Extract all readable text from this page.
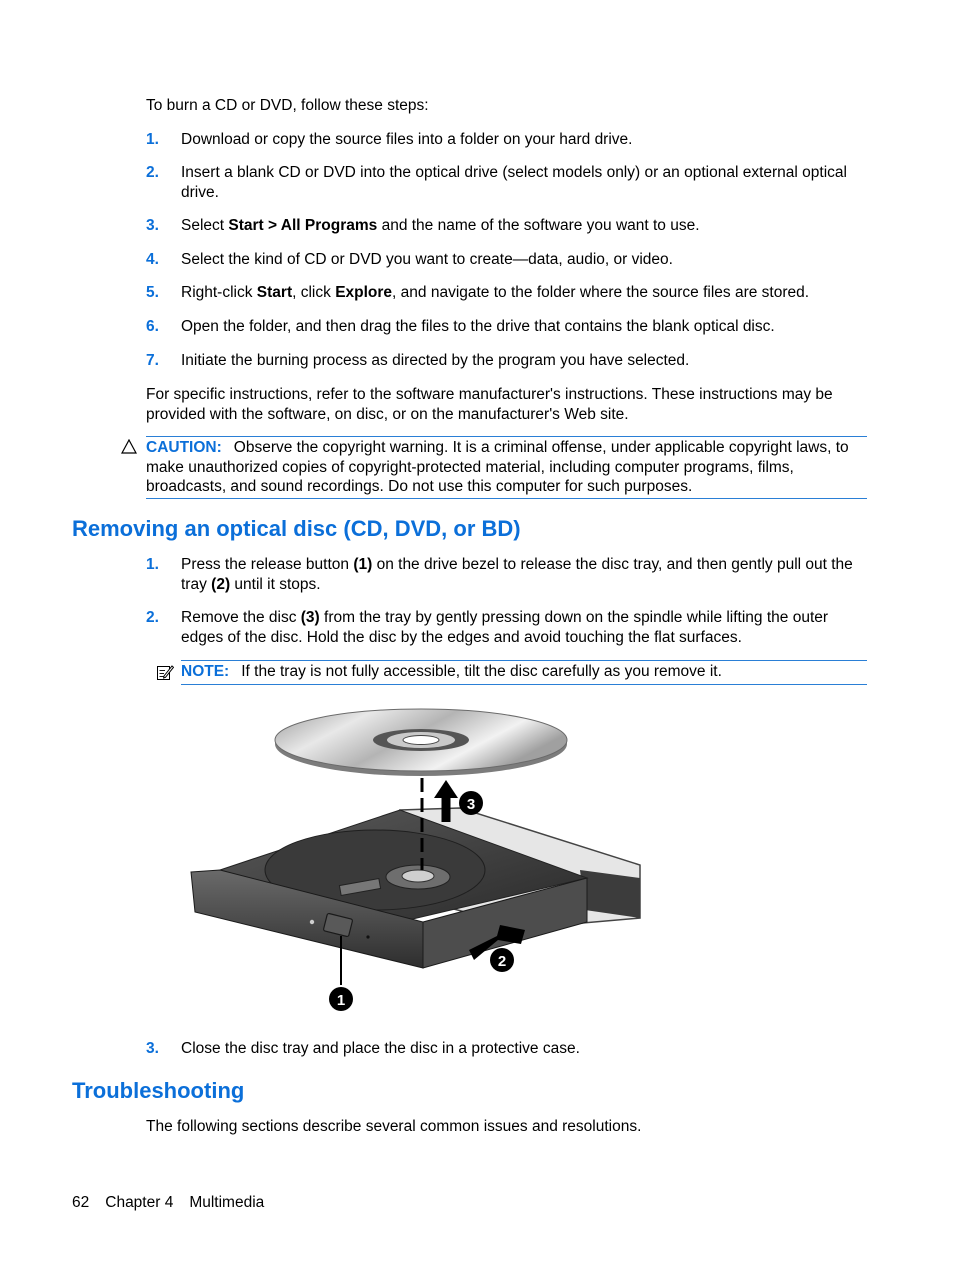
To burn a CD or DVD, follow these steps:
1. Download or copy the source files into a folder on your hard drive.
2. Insert a blank CD or DVD into the optical drive (select models only) or an optional external optical drive.
3. Select Start > All Programs and the name of the software you want to use.
4. Select the kind of CD or DVD you want to create—data, audio, or video.
5. Right-click Start, click Explore, and navigate to the folder where the source files are stored.
6. Open the folder, and then drag the files to the drive that contains the blank optical disc.
7. Initiate the burning process as directed by the program you have selected.
For specific instructions, refer to the software manufacturer's instructions. These instructions may be provided with the software, on disc, or on the manufacturer's Web site.
CAUTION: Observe the copyright warning. It is a criminal offense, under applicable copyright laws, to make unauthorized copies of copyright-protected material, including computer programs, films, broadcasts, and sound recordings. Do not use this computer for such purposes.
Removing an optical disc (CD, DVD, or BD)
1. Press the release button (1) on the drive bezel to release the disc tray, and then gently pull out the tray (2) until it stops.
2. Remove the disc (3) from the tray by gently pressing down on the spindle while lifting the outer edges of the disc. Hold the disc by the edges and avoid touching the flat surfaces.
NOTE: If the tray is not fully accessible, tilt the disc carefully as you remove it.
3
2
1
3. Close the disc tray and place the disc in a protective case.
Troubleshooting
The following sections describe several common issues and resolutions.
62 Chapter 4 Multimedia
